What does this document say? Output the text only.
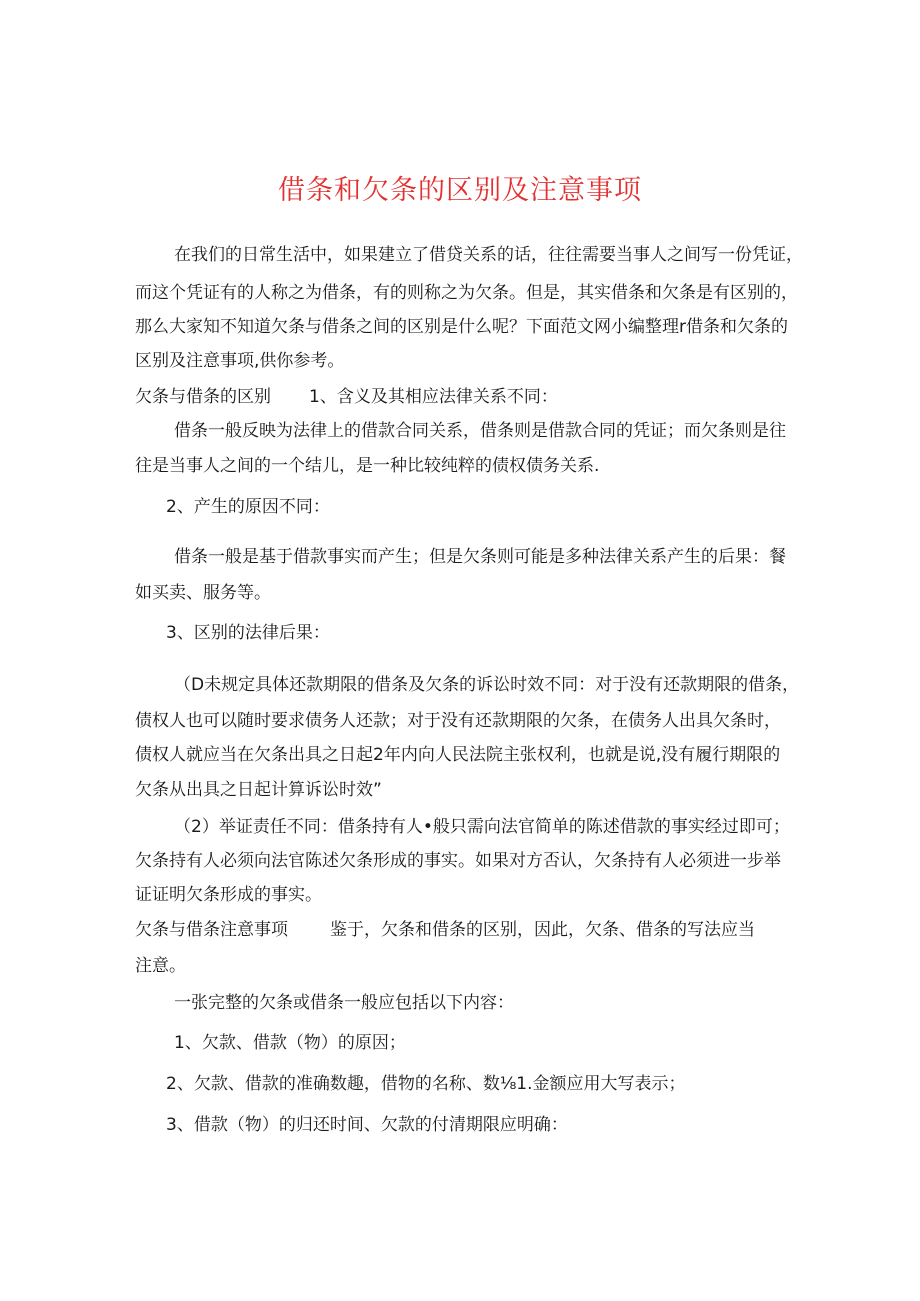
借条和欠条的区别及注意事项
在我们的日常生活中，如果建立了借贷关系的话，往往需要当事人之间写一份凭证，
而这个凭证有的人称之为借条，有的则称之为欠条。但是，其实借条和欠条是有区别的，
那么大家知不知道欠条与借条之间的区别是什么呢？下面范文网小编整理r借条和欠条的
区别及注意事项,供你参考。
欠条与借条的区别 1、含义及其相应法律关系不同：
借条一般反映为法律上的借款合同关系，借条则是借款合同的凭证；而欠条则是往
往是当事人之间的一个结儿，是一种比较纯粹的债权债务关系.
2、产生的原因不同：
借条一般是基于借款事实而产生；但是欠条则可能是多种法律关系产生的后果：餐
如买卖、服务等。
3、区别的法律后果：
（D未规定具体还款期限的借条及欠条的诉讼时效不同：对于没有还款期限的借条，
债权人也可以随时要求债务人还款；对于没有还款期限的欠条，在债务人出具欠条时，
债权人就应当在欠条出具之日起2年内向人民法院主张权利，也就是说,没有履行期限的
欠条从出具之日起计算诉讼时效”
（2）举证责任不同：借条持有人•般只需向法官简单的陈述借款的事实经过即可；
欠条持有人必须向法官陈述欠条形成的事实。如果对方否认，欠条持有人必须进一步举
证证明欠条形成的事实。
欠条与借条注意事项 鉴于，欠条和借条的区别，因此，欠条、借条的写法应当
注意。
一张完整的欠条或借条一般应包括以下内容：
1、欠款、借款（物）的原因；
2、欠款、借款的准确数趣，借物的名称、数⅛1.金额应用大写表示；
3、借款（物）的归还时间、欠款的付清期限应明确：
